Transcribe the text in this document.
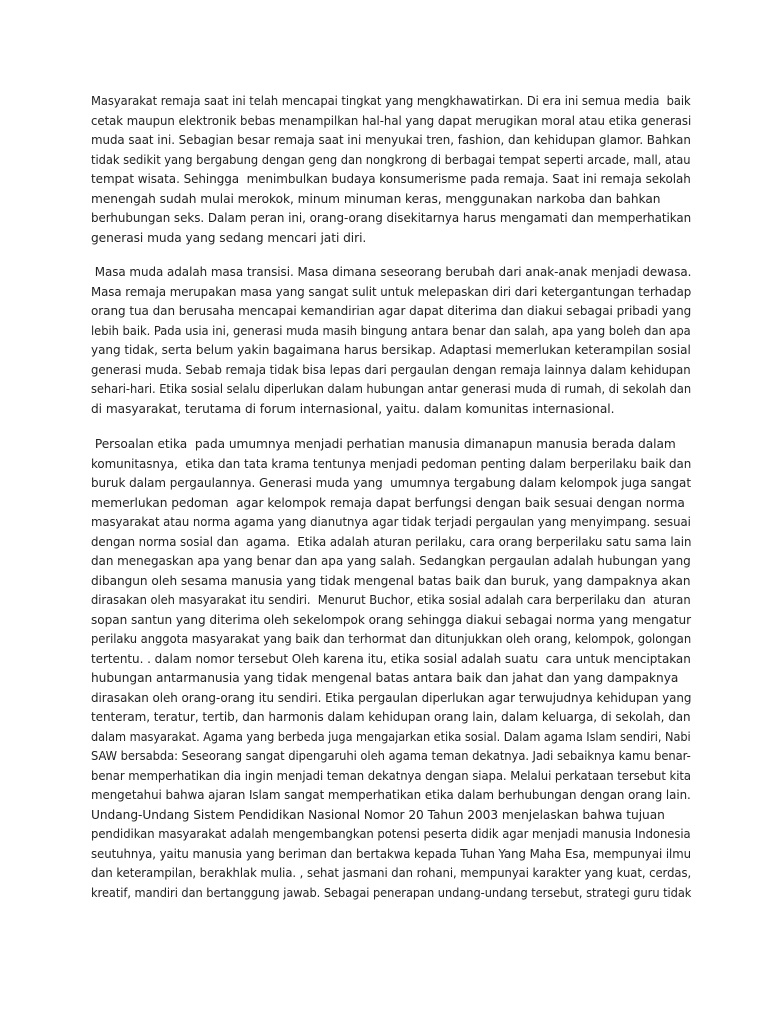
Masyarakat remaja saat ini telah mencapai tingkat yang mengkhawatirkan. Di era ini semua media  baik
cetak maupun elektronik bebas menampilkan hal-hal yang dapat merugikan moral atau etika generasi
muda saat ini. Sebagian besar remaja saat ini menyukai tren, fashion, dan kehidupan glamor. Bahkan
tidak sedikit yang bergabung dengan geng dan nongkrong di berbagai tempat seperti arcade, mall, atau
tempat wisata. Sehingga  menimbulkan budaya konsumerisme pada remaja. Saat ini remaja sekolah
menengah sudah mulai merokok, minum minuman keras, menggunakan narkoba dan bahkan
berhubungan seks. Dalam peran ini, orang-orang disekitarnya harus mengamati dan memperhatikan
generasi muda yang sedang mencari jati diri.
Masa muda adalah masa transisi. Masa dimana seseorang berubah dari anak-anak menjadi dewasa.
Masa remaja merupakan masa yang sangat sulit untuk melepaskan diri dari ketergantungan terhadap
orang tua dan berusaha mencapai kemandirian agar dapat diterima dan diakui sebagai pribadi yang
lebih baik. Pada usia ini, generasi muda masih bingung antara benar dan salah, apa yang boleh dan apa
yang tidak, serta belum yakin bagaimana harus bersikap. Adaptasi memerlukan keterampilan sosial
generasi muda. Sebab remaja tidak bisa lepas dari pergaulan dengan remaja lainnya dalam kehidupan
sehari-hari. Etika sosial selalu diperlukan dalam hubungan antar generasi muda di rumah, di sekolah dan
di masyarakat, terutama di forum internasional, yaitu. dalam komunitas internasional.
Persoalan etika  pada umumnya menjadi perhatian manusia dimanapun manusia berada dalam
komunitasnya,  etika dan tata krama tentunya menjadi pedoman penting dalam berperilaku baik dan
buruk dalam pergaulannya. Generasi muda yang  umumnya tergabung dalam kelompok juga sangat
memerlukan pedoman  agar kelompok remaja dapat berfungsi dengan baik sesuai dengan norma
masyarakat atau norma agama yang dianutnya agar tidak terjadi pergaulan yang menyimpang. sesuai
dengan norma sosial dan  agama.  Etika adalah aturan perilaku, cara orang berperilaku satu sama lain
dan menegaskan apa yang benar dan apa yang salah. Sedangkan pergaulan adalah hubungan yang
dibangun oleh sesama manusia yang tidak mengenal batas baik dan buruk, yang dampaknya akan
dirasakan oleh masyarakat itu sendiri.  Menurut Buchor, etika sosial adalah cara berperilaku dan  aturan
sopan santun yang diterima oleh sekelompok orang sehingga diakui sebagai norma yang mengatur
perilaku anggota masyarakat yang baik dan terhormat dan ditunjukkan oleh orang, kelompok, golongan
tertentu. . dalam nomor tersebut Oleh karena itu, etika sosial adalah suatu  cara untuk menciptakan
hubungan antarmanusia yang tidak mengenal batas antara baik dan jahat dan yang dampaknya
dirasakan oleh orang-orang itu sendiri. Etika pergaulan diperlukan agar terwujudnya kehidupan yang
tenteram, teratur, tertib, dan harmonis dalam kehidupan orang lain, dalam keluarga, di sekolah, dan
dalam masyarakat. Agama yang berbeda juga mengajarkan etika sosial. Dalam agama Islam sendiri, Nabi
SAW bersabda: Seseorang sangat dipengaruhi oleh agama teman dekatnya. Jadi sebaiknya kamu benar-
benar memperhatikan dia ingin menjadi teman dekatnya dengan siapa. Melalui perkataan tersebut kita
mengetahui bahwa ajaran Islam sangat memperhatikan etika dalam berhubungan dengan orang lain.
Undang-Undang Sistem Pendidikan Nasional Nomor 20 Tahun 2003 menjelaskan bahwa tujuan
pendidikan masyarakat adalah mengembangkan potensi peserta didik agar menjadi manusia Indonesia
seutuhnya, yaitu manusia yang beriman dan bertakwa kepada Tuhan Yang Maha Esa, mempunyai ilmu
dan keterampilan, berakhlak mulia. , sehat jasmani dan rohani, mempunyai karakter yang kuat, cerdas,
kreatif, mandiri dan bertanggung jawab. Sebagai penerapan undang-undang tersebut, strategi guru tidak
